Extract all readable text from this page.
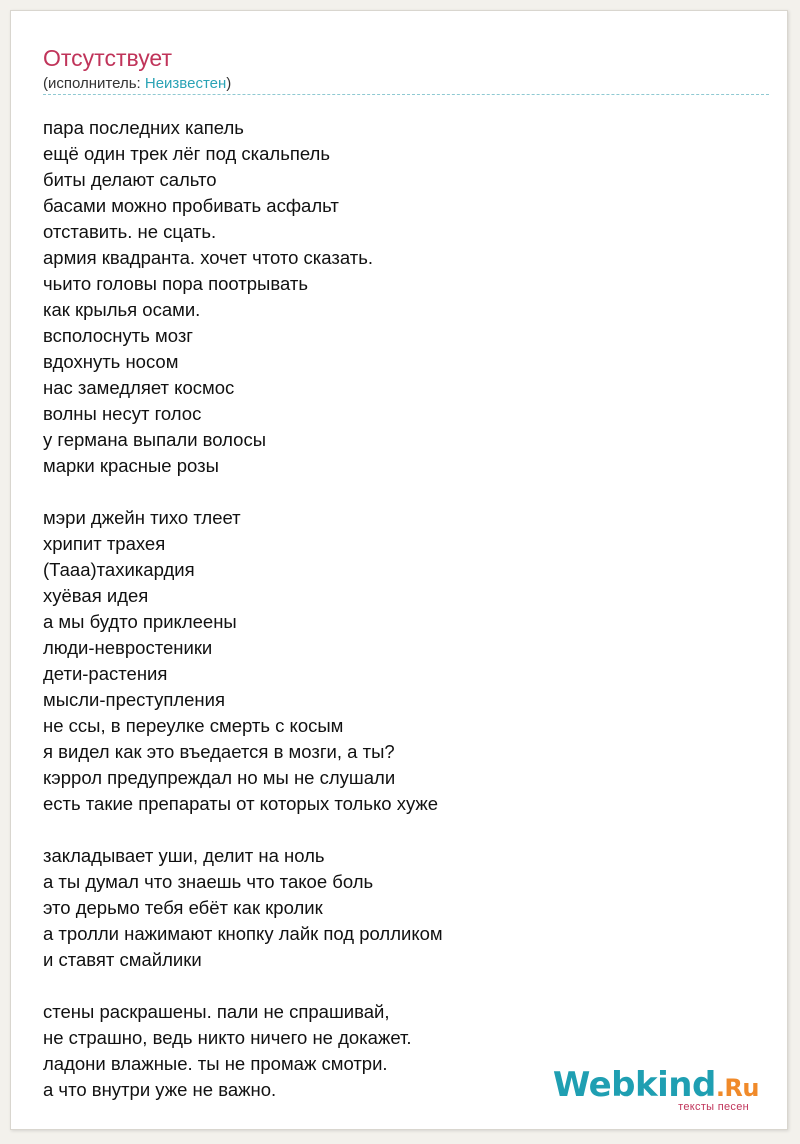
Отсутствует
(исполнитель: Неизвестен)
пара последних капель
ещё один трек лёг под скальпель
биты делают сальто
басами можно пробивать асфальт
отставить. не сцать.
армия квадранта. хочет чтото сказать.
чьито головы пора поотрывать
как крылья осами.
всполоснуть мозг
вдохнуть носом
нас замедляет космос
волны несут голос
у германа выпали волосы
марки красные розы
мэри джейн тихо тлеет
хрипит трахея
(Тааа)тахикардия
хуёвая идея
а мы будто приклеены
люди-невростеники
дети-растения
мысли-преступления
не ссы, в переулке смерть с косым
я видел как это въедается в мозги, а ты?
кэррол предупреждал но мы не слушали
есть такие препараты от которых только хуже
закладывает уши, делит на ноль
а ты думал что знаешь что такое боль
это дерьмо тебя ебёт как кролик
а тролли нажимают кнопку лайк под ролликом
и ставят смайлики
стены раскрашены. пали не спрашивай,
не страшно, ведь никто ничего не докажет.
ладони влажные. ты не промаж смотри.
а что внутри уже не важно.	Webkind.Ru
тексты песен
